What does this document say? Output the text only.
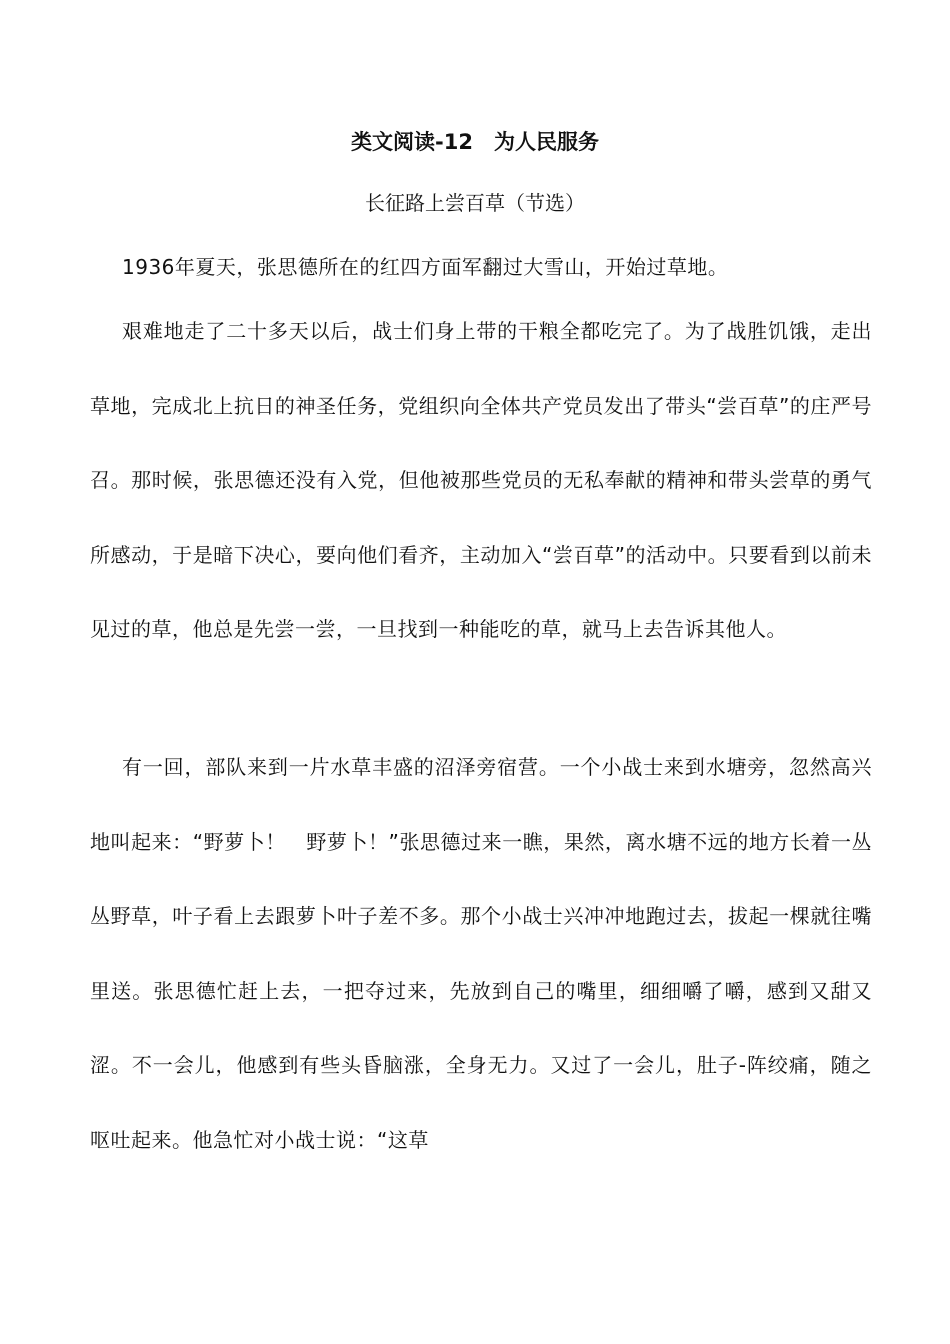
类文阅读-12　为人民服务
长征路上尝百草（节选）

1936年夏天，张思德所在的红四方面军翻过大雪山，开始过草地。

艰难地走了二十多天以后，战士们身上带的干粮全都吃完了。为了战胜饥饿，走出草地，完成北上抗日的神圣任务，党组织向全体共产党员发出了带头“尝百草”的庄严号召。那时候，张思德还没有入党，但他被那些党员的无私奉献的精神和带头尝草的勇气所感动，于是暗下决心，要向他们看齐，主动加入“尝百草”的活动中。只要看到以前未见过的草，他总是先尝一尝，一旦找到一种能吃的草，就马上去告诉其他人。

有一回，部队来到一片水草丰盛的沼泽旁宿营。一个小战士来到水塘旁，忽然高兴地叫起来：“野萝卜！　野萝卜！”张思德过来一瞧，果然，离水塘不远的地方长着一丛丛野草，叶子看上去跟萝卜叶子差不多。那个小战士兴冲冲地跑过去，拔起一棵就往嘴里送。张思德忙赶上去，一把夺过来，先放到自己的嘴里，细细嚼了嚼，感到又甜又涩。不一会儿，他感到有些头昏脑涨，全身无力。又过了一会儿，肚子-阵绞痛，随之呕吐起来。他急忙对小战士说：“这草
